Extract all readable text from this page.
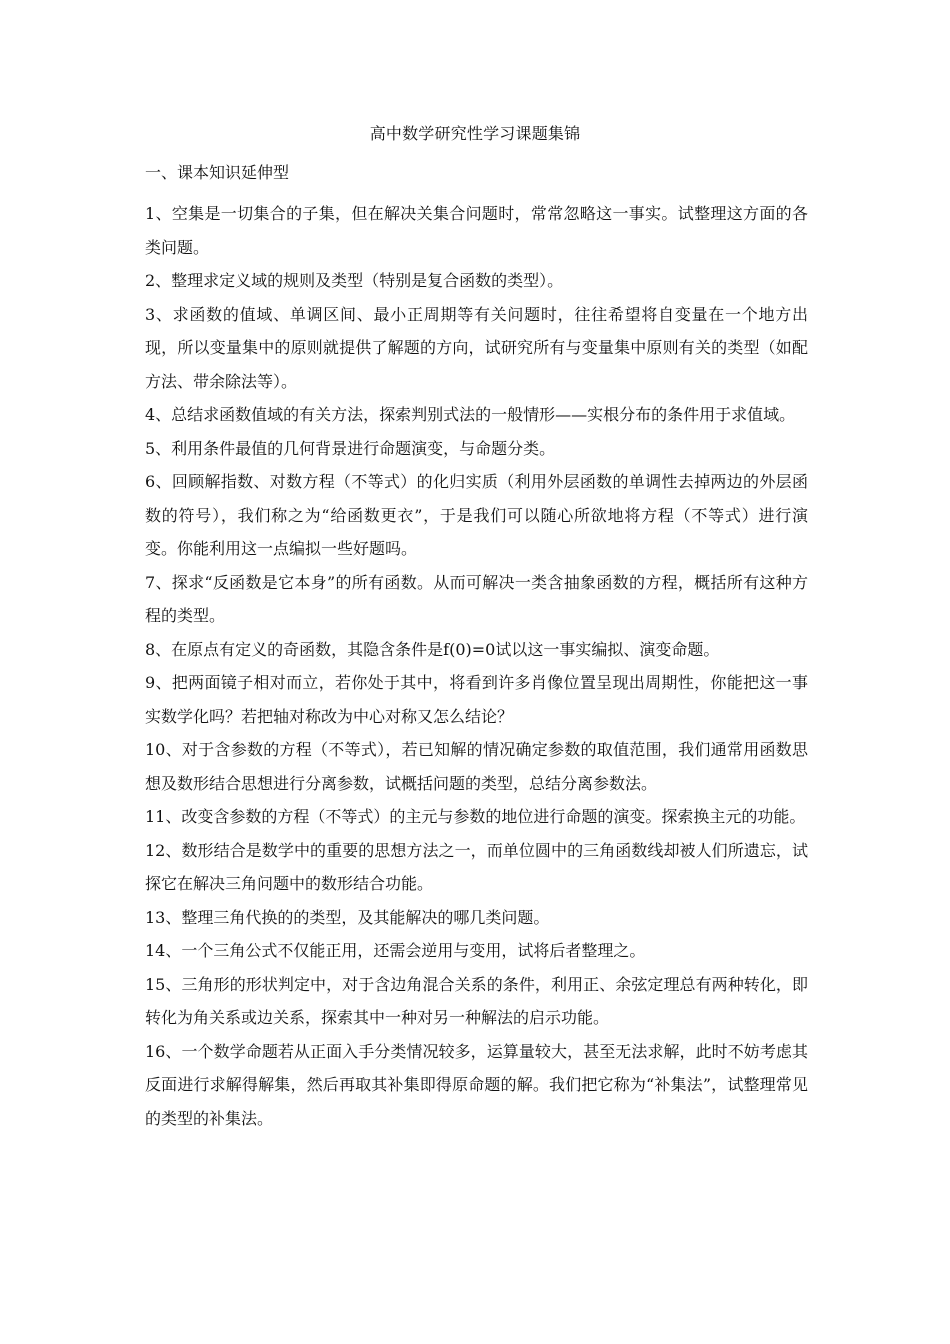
高中数学研究性学习课题集锦

一、课本知识延伸型

1、空集是一切集合的子集，但在解决关集合问题时，常常忽略这一事实。试整理这方面的各类问题。

2、整理求定义域的规则及类型（特别是复合函数的类型）。

3、求函数的值域、单调区间、最小正周期等有关问题时，往往希望将自变量在一个地方出现，所以变量集中的原则就提供了解题的方向，试研究所有与变量集中原则有关的类型（如配方法、带余除法等）。

4、总结求函数值域的有关方法，探索判别式法的一般情形——实根分布的条件用于求值域。

5、利用条件最值的几何背景进行命题演变，与命题分类。

6、回顾解指数、对数方程（不等式）的化归实质（利用外层函数的单调性去掉两边的外层函数的符号），我们称之为“给函数更衣”，于是我们可以随心所欲地将方程（不等式）进行演变。你能利用这一点编拟一些好题吗。

7、探求“反函数是它本身”的所有函数。从而可解决一类含抽象函数的方程，概括所有这种方程的类型。

8、在原点有定义的奇函数，其隐含条件是f(0)=0试以这一事实编拟、演变命题。

9、把两面镜子相对而立，若你处于其中，将看到许多肖像位置呈现出周期性，你能把这一事实数学化吗？若把轴对称改为中心对称又怎么结论？

10、对于含参数的方程（不等式），若已知解的情况确定参数的取值范围，我们通常用函数思想及数形结合思想进行分离参数，试概括问题的类型，总结分离参数法。

11、改变含参数的方程（不等式）的主元与参数的地位进行命题的演变。探索换主元的功能。

12、数形结合是数学中的重要的思想方法之一，而单位圆中的三角函数线却被人们所遗忘，试探它在解决三角问题中的数形结合功能。

13、整理三角代换的的类型，及其能解决的哪几类问题。

14、一个三角公式不仅能正用，还需会逆用与变用，试将后者整理之。

15、三角形的形状判定中，对于含边角混合关系的条件，利用正、余弦定理总有两种转化，即转化为角关系或边关系，探索其中一种对另一种解法的启示功能。

16、一个数学命题若从正面入手分类情况较多，运算量较大，甚至无法求解，此时不妨考虑其反面进行求解得解集，然后再取其补集即得原命题的解。我们把它称为“补集法”，试整理常见的类型的补集法。
